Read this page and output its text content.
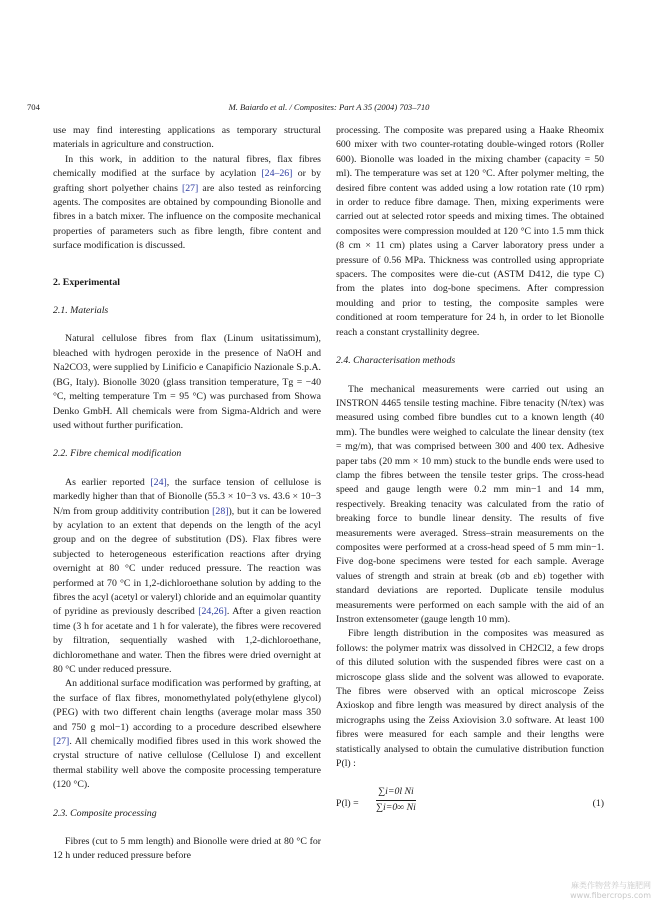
704	M. Baiardo et al. / Composites: Part A 35 (2004) 703–710

use may find interesting applications as temporary structural materials in agriculture and construction.

In this work, in addition to the natural fibres, flax fibres chemically modified at the surface by acylation [24–26] or by grafting short polyether chains [27] are also tested as reinforcing agents. The composites are obtained by compounding Bionolle and fibres in a batch mixer. The influence on the composite mechanical properties of parameters such as fibre length, fibre content and surface modification is discussed.

2. Experimental

2.1. Materials

Natural cellulose fibres from flax (Linum usitatissimum), bleached with hydrogen peroxide in the presence of NaOH and Na2CO3, were supplied by Linificio e Canapificio Nazionale S.p.A. (BG, Italy). Bionolle 3020 (glass transition temperature, Tg = −40 °C, melting temperature Tm = 95 °C) was purchased from Showa Denko GmbH. All chemicals were from Sigma-Aldrich and were used without further purification.

2.2. Fibre chemical modification

As earlier reported [24], the surface tension of cellulose is markedly higher than that of Bionolle (55.3 × 10−3 vs. 43.6 × 10−3 N/m from group additivity contribution [28]), but it can be lowered by acylation to an extent that depends on the length of the acyl group and on the degree of substitution (DS). Flax fibres were subjected to heterogeneous esterification reactions after drying overnight at 80 °C under reduced pressure. The reaction was performed at 70 °C in 1,2-dichloroethane solution by adding to the fibres the acyl (acetyl or valeryl) chloride and an equimolar quantity of pyridine as previously described [24,26]. After a given reaction time (3 h for acetate and 1 h for valerate), the fibres were recovered by filtration, sequentially washed with 1,2-dichloroethane, dichloromethane and water. Then the fibres were dried overnight at 80 °C under reduced pressure.

An additional surface modification was performed by grafting, at the surface of flax fibres, monomethylated poly(ethylene glycol) (PEG) with two different chain lengths (average molar mass 350 and 750 g mol−1) according to a procedure described elsewhere [27]. All chemically modified fibres used in this work showed the crystal structure of native cellulose (Cellulose I) and excellent thermal stability well above the composite processing temperature (120 °C).

2.3. Composite processing

Fibres (cut to 5 mm length) and Bionolle were dried at 80 °C for 12 h under reduced pressure before

processing. The composite was prepared using a Haake Rheomix 600 mixer with two counter-rotating double-winged rotors (Roller 600). Bionolle was loaded in the mixing chamber (capacity = 50 ml). The temperature was set at 120 °C. After polymer melting, the desired fibre content was added using a low rotation rate (10 rpm) in order to reduce fibre damage. Then, mixing experiments were carried out at selected rotor speeds and mixing times. The obtained composites were compression moulded at 120 °C into 1.5 mm thick (8 cm × 11 cm) plates using a Carver laboratory press under a pressure of 0.56 MPa. Thickness was controlled using appropriate spacers. The composites were die-cut (ASTM D412, die type C) from the plates into dog-bone specimens. After compression moulding and prior to testing, the composite samples were conditioned at room temperature for 24 h, in order to let Bionolle reach a constant crystallinity degree.

2.4. Characterisation methods

The mechanical measurements were carried out using an INSTRON 4465 tensile testing machine. Fibre tenacity (N/tex) was measured using combed fibre bundles cut to a known length (40 mm). The bundles were weighed to calculate the linear density (tex = mg/m), that was comprised between 300 and 400 tex. Adhesive paper tabs (20 mm × 10 mm) stuck to the bundle ends were used to clamp the fibres between the tensile tester grips. The cross-head speed and gauge length were 0.2 mm min−1 and 14 mm, respectively. Breaking tenacity was calculated from the ratio of breaking force to bundle linear density. The results of five measurements were averaged. Stress–strain measurements on the composites were performed at a cross-head speed of 5 mm min−1. Five dog-bone specimens were tested for each sample. Average values of strength and strain at break (σb and εb) together with standard deviations are reported. Duplicate tensile modulus measurements were performed on each sample with the aid of an Instron extensometer (gauge length 10 mm).

Fibre length distribution in the composites was measured as follows: the polymer matrix was dissolved in CH2Cl2, a few drops of this diluted solution with the suspended fibres were cast on a microscope glass slide and the solvent was allowed to evaporate. The fibres were observed with an optical microscope Zeiss Axioskop and fibre length was measured by direct analysis of the micrographs using the Zeiss Axiovision 3.0 software. At least 100 fibres were measured for each sample and their lengths were statistically analysed to obtain the cumulative distribution function P(l) :

$P(l) = \frac{\text{∑i=0l Ni}}{\sum i=0\infty Ni}$	(1)
麻类作物营养与施肥网
www.fibercrops.com
